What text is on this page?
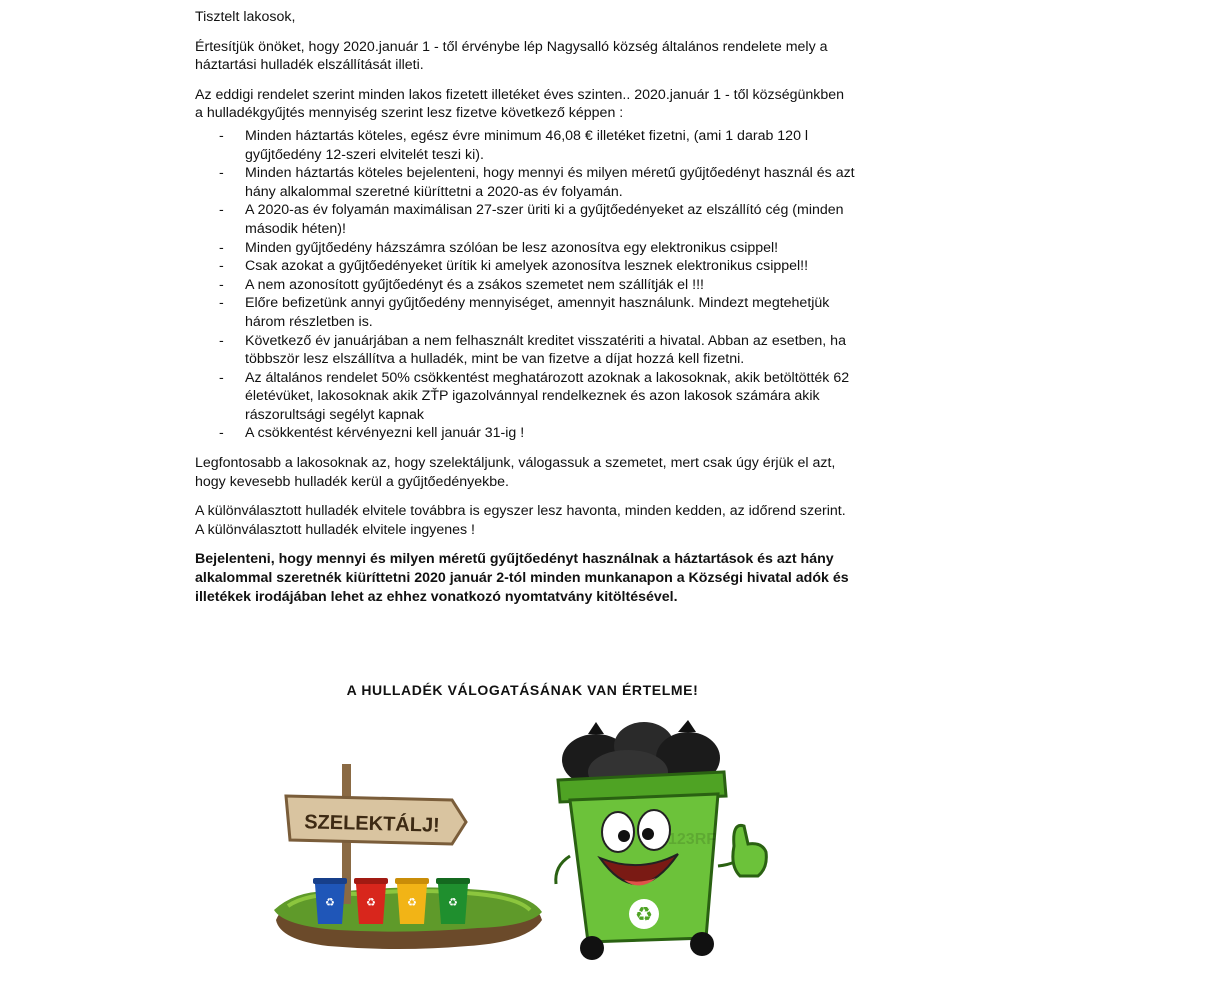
Tisztelt lakosok,

Értesítjük önöket, hogy 2020.január 1 - től érvénybe lép Nagysalló község általános rendelete mely a háztartási hulladék elszállítását illeti.

Az eddigi rendelet szerint minden lakos fizetett illetéket éves szinten.. 2020.január 1 - től községünkben a hulladékgyűjtés mennyiség szerint lesz fizetve következő képpen :

- Minden háztartás köteles, egész évre minimum 46,08 € illetéket fizetni, (ami 1 darab 120 l gyűjtőedény 12-szeri elvitelét teszi ki).
- Minden háztartás köteles bejelenteni, hogy mennyi és milyen méretű gyűjtőedényt használ és azt hány alkalommal szeretné kiüríttetni a 2020-as év folyamán.
- A 2020-as év folyamán maximálisan 27-szer üriti ki a gyűjtőedényeket az elszállító cég (minden második héten)!
- Minden gyűjtőedény házszámra szólóan be lesz azonosítva egy elektronikus csippel!
- Csak azokat a gyűjtőedényeket ürítik ki amelyek azonosítva lesznek elektronikus csippel!!
- A nem azonosított gyűjtőedényt és a zsákos szemetet nem szállítják el !!!
- Előre befizetünk annyi gyűjtőedény mennyiséget, amennyit használunk. Mindezt megtehetjük három részletben is.
- Következő év januárjában a nem felhasznált kreditet visszatériti a hivatal. Abban az esetben, ha többször lesz elszállítva a hulladék, mint be van fizetve a díjat hozzá kell fizetni.
- Az általános rendelet 50% csökkentést meghatározott azoknak a lakosoknak, akik betöltötték 62 életévüket, lakosoknak akik ZŤP igazolvánnyal rendelkeznek és azon lakosok számára akik rászorultsági segélyt kapnak
- A csökkentést kérvényezni kell január 31-ig !

Legfontosabb a lakosoknak az, hogy szelektáljunk, válogassuk a szemetet, mert csak úgy érjük el azt, hogy kevesebb hulladék kerül a gyűjtőedényekbe.

A különválasztott hulladék elvitele továbbra is egyszer lesz havonta, minden kedden, az időrend szerint. A különválasztott hulladék elvitele ingyenes !

Bejelenteni, hogy mennyi és milyen méretű gyűjtőedényt használnak a háztartások és azt hány alkalommal szeretnék kiüríttetni 2020 január 2-tól minden munkanapon a Községi hivatal adók és illetékek irodájában lehet az ehhez vonatkozó nyomtatvány kitöltésével.

A HULLADÉK VÁLOGATÁSÁNAK VAN ÉRTELME!
SZELEKTÁLJ!
♻	♻	♻	♻	♻
123RF
